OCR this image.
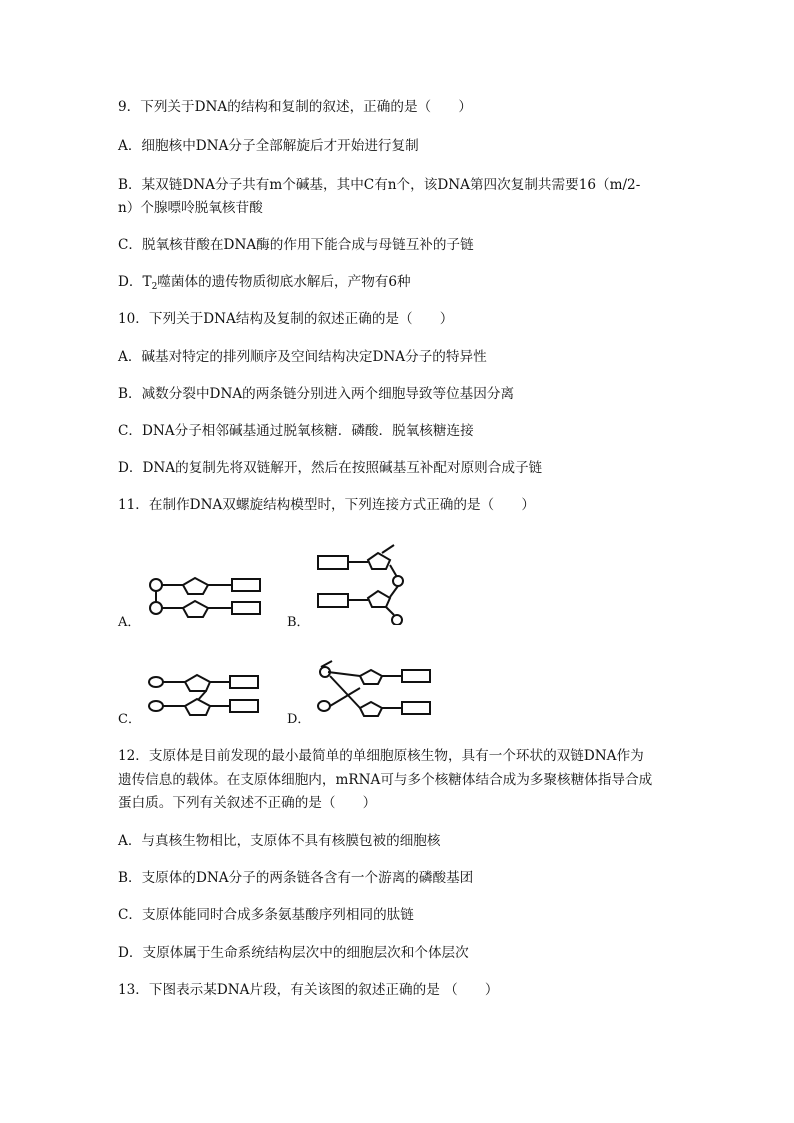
9．下列关于DNA的结构和复制的叙述，正确的是（　　）
A．细胞核中DNA分子全部解旋后才开始进行复制
B．某双链DNA分子共有m个碱基，其中C有n个，该DNA第四次复制共需要16（m/2-
n）个腺嘌呤脱氧核苷酸
C．脱氧核苷酸在DNA酶的作用下能合成与母链互补的子链
D．$T_2$噬菌体的遗传物质彻底水解后，产物有6种
10．下列关于DNA结构及复制的叙述正确的是（　　）
A．碱基对特定的排列顺序及空间结构决定DNA分子的特异性
B．减数分裂中DNA的两条链分别进入两个细胞导致等位基因分离
C．DNA分子相邻碱基通过脱氧核糖．磷酸．脱氧核糖连接
D．DNA的复制先将双链解开，然后在按照碱基互补配对原则合成子链
11．在制作DNA双螺旋结构模型时，下列连接方式正确的是（　　）
A．	B．
C．	D．
12．支原体是目前发现的最小最简单的单细胞原核生物，具有一个环状的双链DNA作为
遗传信息的载体。在支原体细胞内，mRNA可与多个核糖体结合成为多聚核糖体指导合成
蛋白质。下列有关叙述不正确的是（　　）
A．与真核生物相比，支原体不具有核膜包被的细胞核
B．支原体的DNA分子的两条链各含有一个游离的磷酸基团
C．支原体能同时合成多条氨基酸序列相同的肽链
D．支原体属于生命系统结构层次中的细胞层次和个体层次
13．下图表示某DNA片段，有关该图的叙述正确的是 （　　）
